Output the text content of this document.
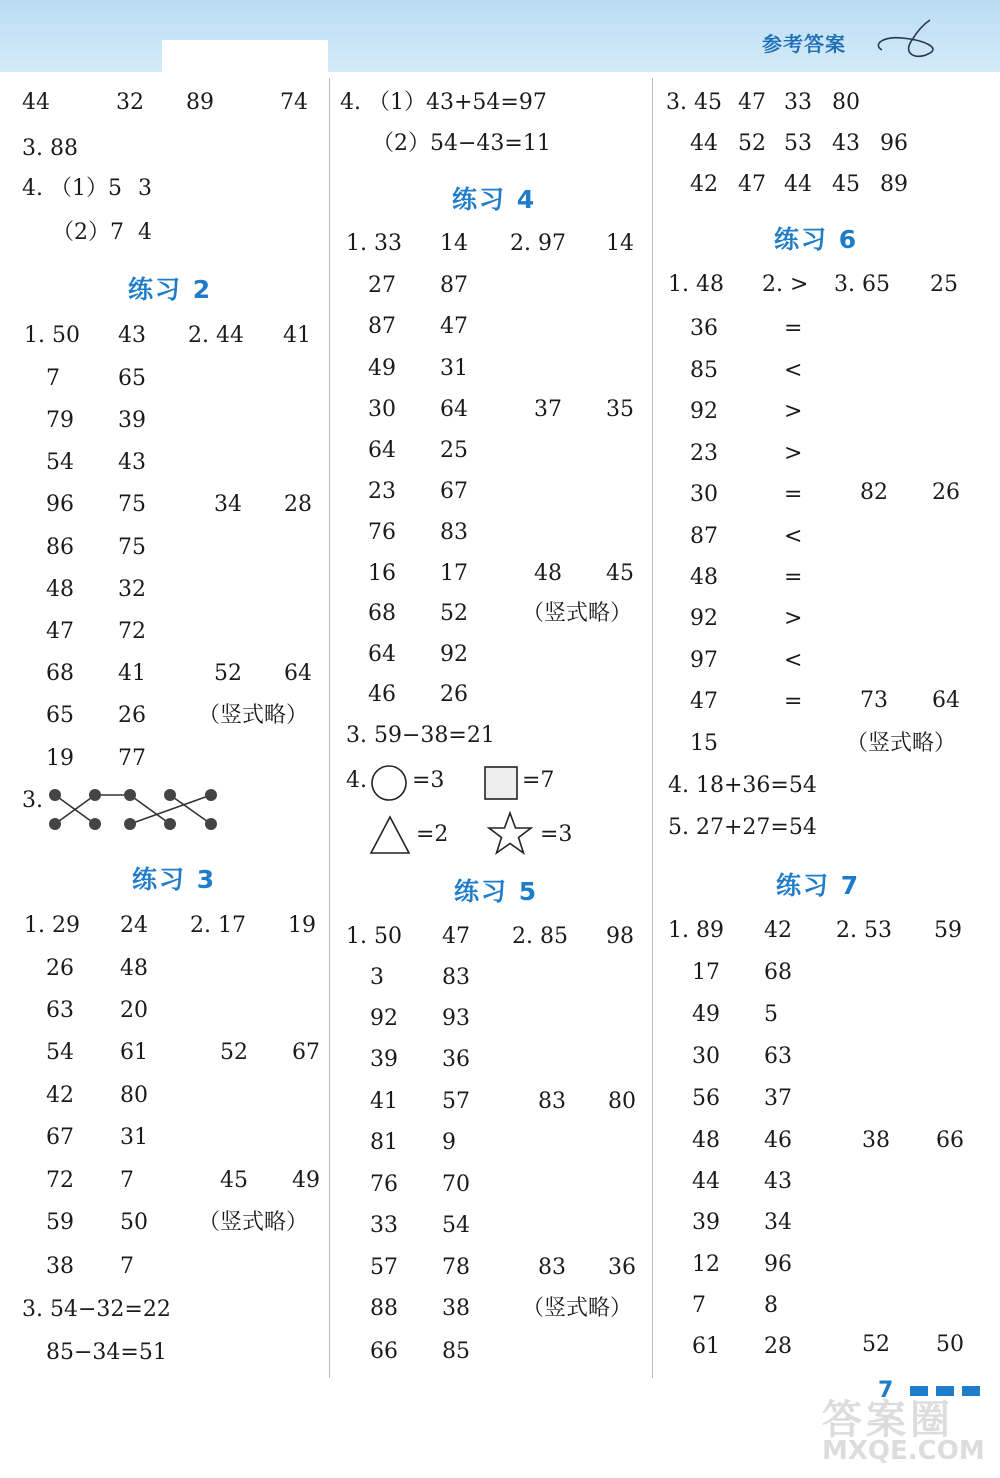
参考答案
44	32 89	74
3. 88
4. （1）5 3
（2）7 4
1. 50 43 2. 44 41
7	65
79 39
54 43
96 75	34 28
86 75
48 32
47 72
68 41	52 64
65 26 （竖式略）
19 77
3.
1. 29 24 2. 17 19
26 48
63 20
54 61	52 67
42 80
67 31
72 7	45 49
59 50 （竖式略）
38 7
3. 54−32=22
85−34=51
4. （1）43+54=97
（2）54−43=11
1. 33 14 2. 97 14
27 87
87 47
49 31
30 64	37 35
64 25
23 67
76 83
16 17	48 45
68 52 （竖式略）
64 92
46 26
3. 59−38=21
4. =3	=7
=2	=3
1. 50 47 2. 85 98
3	83
92 93
39 36
41 57	83 80
81 9
76 70
33 54
57 78	83 36
88 38 （竖式略）
66 85
3. 45 47 33 80
44 52 53 43 96
42 47 44 45 89
1. 48 2. > 3. 65 25
36	=
85	<
92	>
23	>
30	=	82 26
87	<
48	=
92	>
97	<
47	=	73 64
15	（竖式略）
4. 18+36=54
5. 27+27=54
1. 89 42 2. 53 59
17 68
49 5
30 63
56 37
48 46	38 66
44 43
39 34
12 96
7	8
61 28	52 50
练习 2
练习 3
练习 4
练习 5
练习 6
练习 7
7
答案圈
MXQE.COM
